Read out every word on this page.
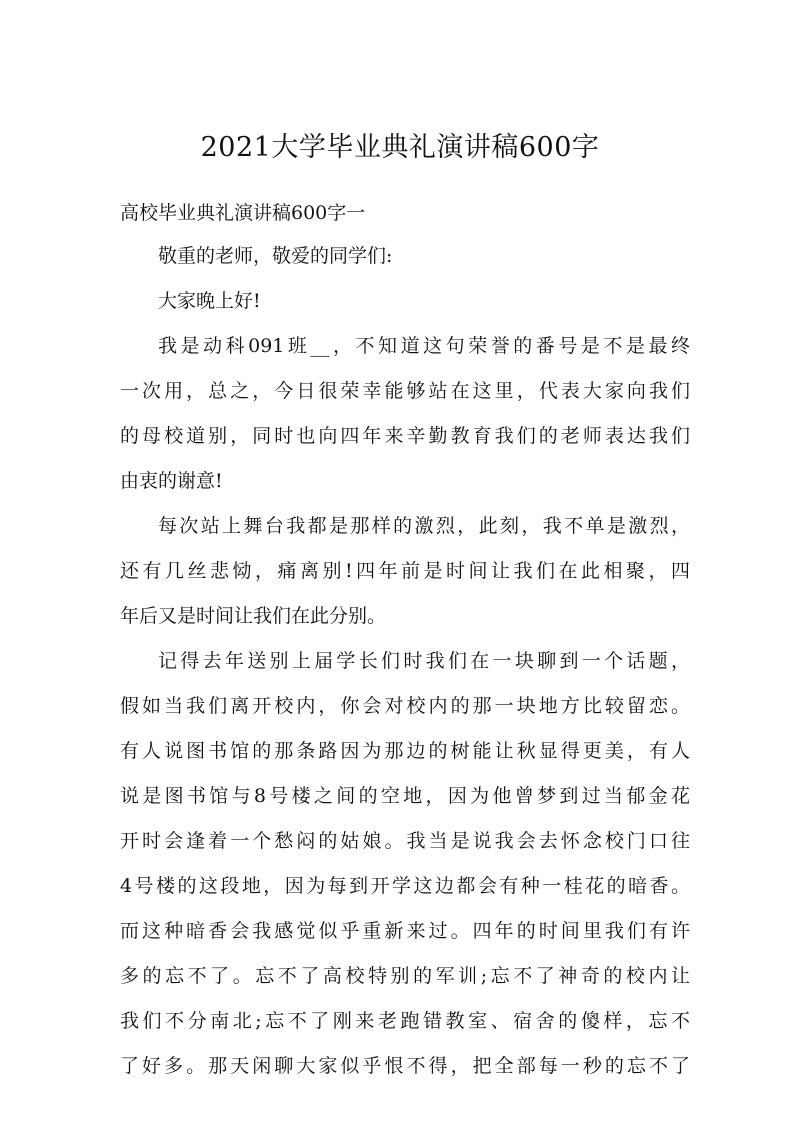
2021大学毕业典礼演讲稿600字

高校毕业典礼演讲稿600字一

敬重的老师，敬爱的同学们:
大家晚上好!
我是动科091班__，不知道这句荣誉的番号是不是最终
一次用，总之，今日很荣幸能够站在这里，代表大家向我们
的母校道别，同时也向四年来辛勤教育我们的老师表达我们
由衷的谢意!
每次站上舞台我都是那样的激烈，此刻，我不单是激烈，
还有几丝悲恸，痛离别!四年前是时间让我们在此相聚，四
年后又是时间让我们在此分别。
记得去年送别上届学长们时我们在一块聊到一个话题，
假如当我们离开校内，你会对校内的那一块地方比较留恋。
有人说图书馆的那条路因为那边的树能让秋显得更美，有人
说是图书馆与8号楼之间的空地，因为他曾梦到过当郁金花
开时会逢着一个愁闷的姑娘。我当是说我会去怀念校门口往
4号楼的这段地，因为每到开学这边都会有种一桂花的暗香。
而这种暗香会我感觉似乎重新来过。四年的时间里我们有许
多的忘不了。忘不了高校特别的军训;忘不了神奇的校内让
我们不分南北;忘不了刚来老跑错教室、宿舍的傻样，忘不
了好多。那天闲聊大家似乎恨不得，把全部每一秒的忘不了
